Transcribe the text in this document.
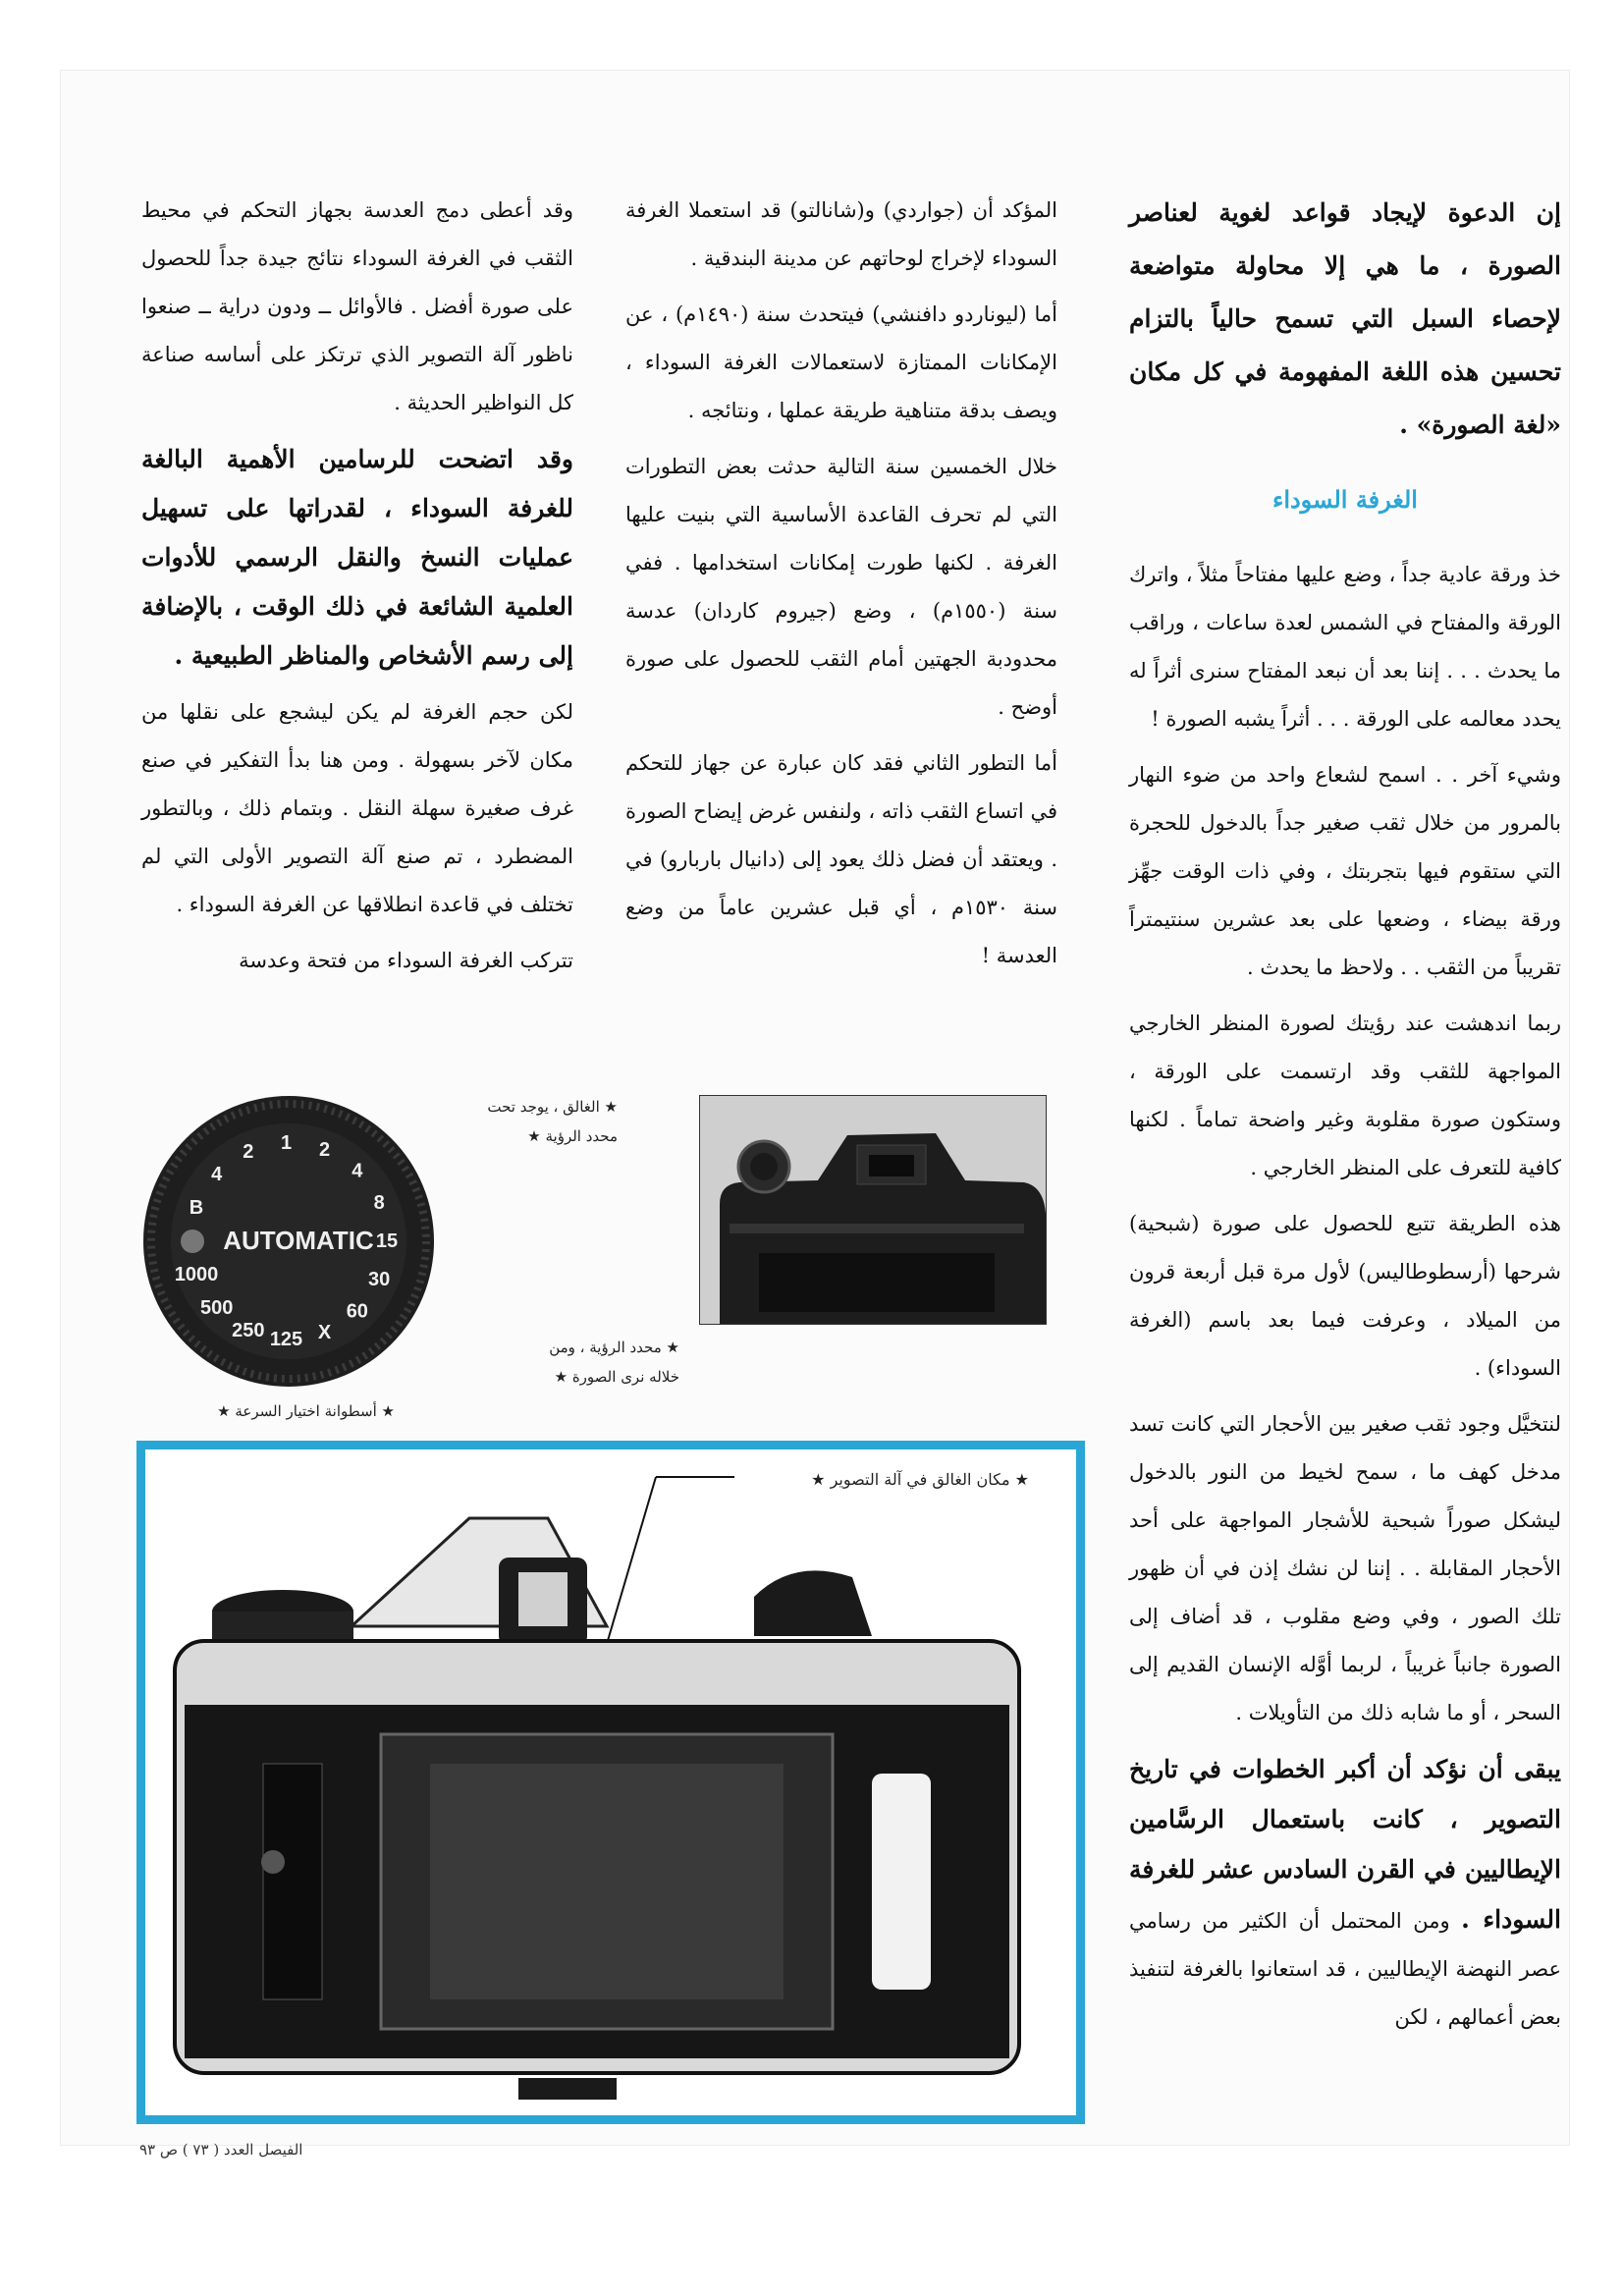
إن الدعوة لإيجاد قواعد لغوية لعناصر الصورة ، ما هي إلا محاولة متواضعة لإحصاء السبل التي تسمح حالياً بالتزام تحسين هذه اللغة المفهومة في كل مكان «لغة الصورة» .

الغرفة السوداء

خذ ورقة عادية جداً ، وضع عليها مفتاحاً مثلاً ، واترك الورقة والمفتاح في الشمس لعدة ساعات ، وراقب ما يحدث . . . إننا بعد أن نبعد المفتاح سنرى أثراً له يحدد معالمه على الورقة . . . أثراً يشبه الصورة !

وشيء آخر . . اسمح لشعاع واحد من ضوء النهار بالمرور من خلال ثقب صغير جداً بالدخول للحجرة التي ستقوم فيها بتجربتك ، وفي ذات الوقت جهِّز ورقة بيضاء ، وضعها على بعد عشرين سنتيمتراً تقريباً من الثقب . . ولاحظ ما يحدث .

ربما اندهشت عند رؤيتك لصورة المنظر الخارجي المواجهة للثقب وقد ارتسمت على الورقة ، وستكون صورة مقلوبة وغير واضحة تماماً . لكنها كافية للتعرف على المنظر الخارجي .

هذه الطريقة تتبع للحصول على صورة (شبحية) شرحها (أرسطوطاليس) لأول مرة قبل أربعة قرون من الميلاد ، وعرفت فيما بعد باسم (الغرفة السوداء) .

لنتخيَّل وجود ثقب صغير بين الأحجار التي كانت تسد مدخل كهف ما ، سمح لخيط من النور بالدخول ليشكل صوراً شبحية للأشجار المواجهة على أحد الأحجار المقابلة . . إننا لن نشك إذن في أن ظهور تلك الصور ، وفي وضع مقلوب ، قد أضاف إلى الصورة جانباً غريباً ، لربما أوَّله الإنسان القديم إلى السحر ، أو ما شابه ذلك من التأويلات .

يبقى أن نؤكد أن أكبر الخطوات في تاريخ التصوير ، كانت باستعمال الرسَّامين الإيطاليين في القرن السادس عشر للغرفة السوداء . ومن المحتمل أن الكثير من رسامي عصر النهضة الإيطاليين ، قد استعانوا بالغرفة لتنفيذ بعض أعمالهم ، لكن

المؤكد أن (جواردي) و(شانالتو) قد استعملا الغرفة السوداء لإخراج لوحاتهم عن مدينة البندقية .

أما (ليوناردو دافنشي) فيتحدث سنة (١٤٩٠م) ، عن الإمكانات الممتازة لاستعمالات الغرفة السوداء ، ويصف بدقة متناهية طريقة عملها ، ونتائجه .

خلال الخمسين سنة التالية حدثت بعض التطورات التي لم تحرف القاعدة الأساسية التي بنيت عليها الغرفة . لكنها طورت إمكانات استخدامها . ففي سنة (١٥٥٠م) ، وضع (جيروم كاردان) عدسة محدودبة الجهتين أمام الثقب للحصول على صورة أوضح .

أما التطور الثاني فقد كان عبارة عن جهاز للتحكم في اتساع الثقب ذاته ، ولنفس غرض إيضاح الصورة . ويعتقد أن فضل ذلك يعود إلى (دانيال باربارو) في سنة ١٥٣٠م ، أي قبل عشرين عاماً من وضع العدسة !

وقد أعطى دمج العدسة بجهاز التحكم في محيط الثقب في الغرفة السوداء نتائج جيدة جداً للحصول على صورة أفضل . فالأوائل ــ ودون دراية ــ صنعوا ناظور آلة التصوير الذي ترتكز على أساسه صناعة كل النواظير الحديثة .

وقد اتضحت للرسامين الأهمية البالغة للغرفة السوداء ، لقدراتها على تسهيل عمليات النسخ والنقل الرسمي للأدوات العلمية الشائعة في ذلك الوقت ، بالإضافة إلى رسم الأشخاص والمناظر الطبيعية .

لكن حجم الغرفة لم يكن ليشجع على نقلها من مكان لآخر بسهولة . ومن هنا بدأ التفكير في صنع غرف صغيرة سهلة النقل . وبتمام ذلك ، وبالتطور المضطرد ، تم صنع آلة التصوير الأولى التي لم تختلف في قاعدة انطلاقها عن الغرفة السوداء .

تتركب الغرفة السوداء من فتحة وعدسة

★ الغالق ، يوجد تحت محدد الرؤية ★
★ محدد الرؤية ، ومن خلاله نرى الصورة ★
AUTOMATIC
B
4
2 1 2
4
8
15
30
60
X
125
250
500
1000
★ أسطوانة اختيار السرعة ★
★ مكان الغالق في آلة التصوير ★
الفيصل العدد ( ٧٣ ) ص ٩٣
